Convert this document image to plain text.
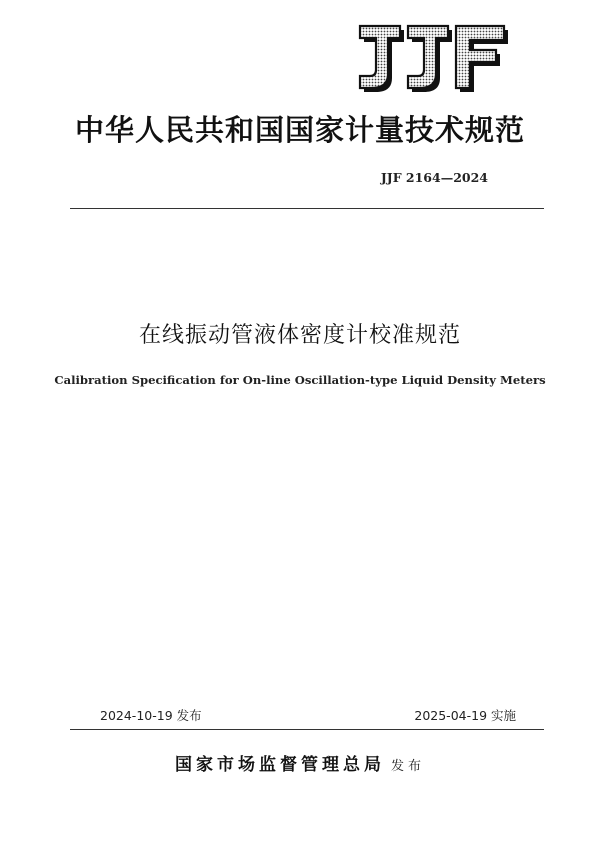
JJF
中华人民共和国国家计量技术规范
JJF 2164—2024
在线振动管液体密度计校准规范
Calibration Specification for On-line Oscillation-type Liquid Density Meters
2024-10-19 发布	2025-04-19 实施
国家市场监督管理总局 发布
